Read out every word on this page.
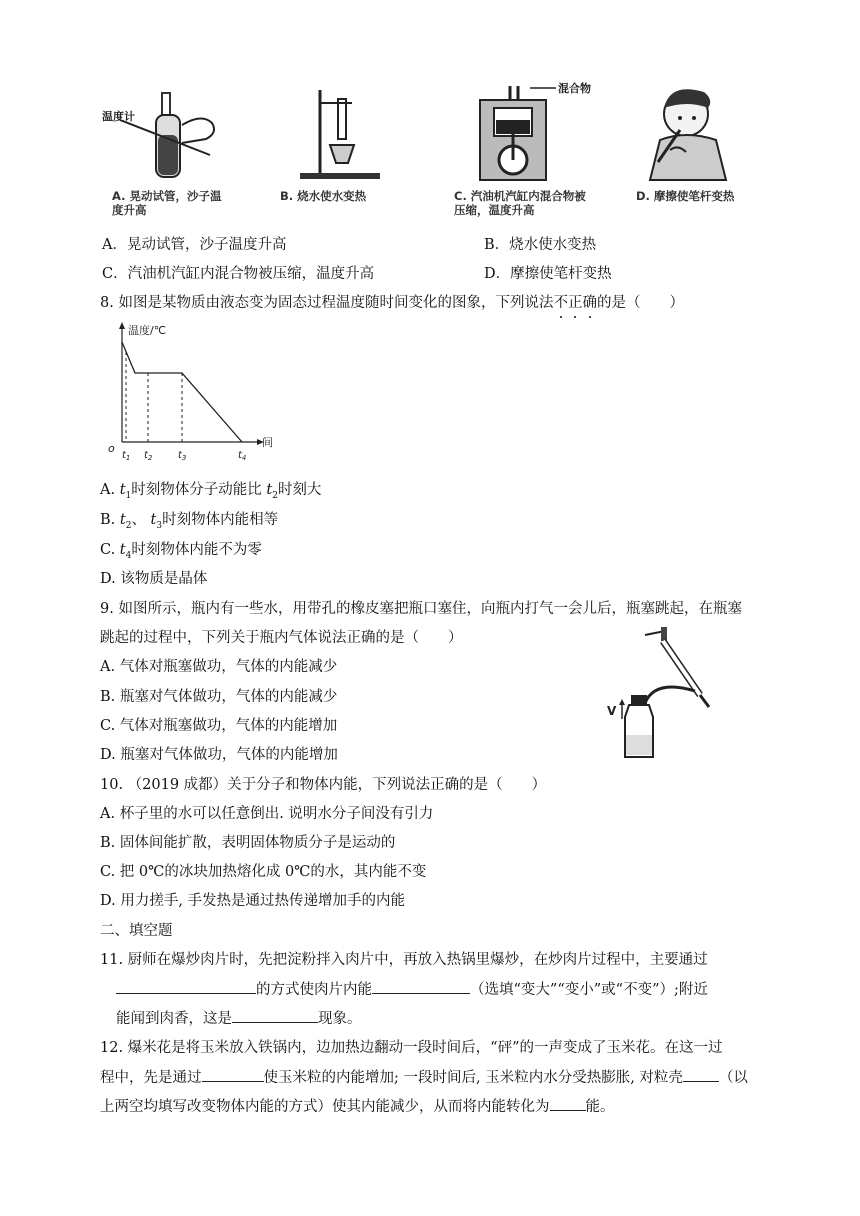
温度计
A. 晃动试管，沙子温度升高
B. 烧水使水变热
混合物
C. 汽油机汽缸内混合物被压缩，温度升高
D. 摩擦使笔杆变热
A．晃动试管，沙子温度升高	B．烧水使水变热
C．汽油机汽缸内混合物被压缩，温度升高	D．摩擦使笔杆变热
8. 如图是某物质由液态变为固态过程温度随时间变化的图象，下列说法不正确的是（　　）
温度/℃
间
o
$t_1$ $t_2$	$t_3$	$t_4$
A. $t_1$时刻物体分子动能比 $t_2$时刻大
B. $t_2$、 $t_3$时刻物体内能相等
C. $t_4$时刻物体内能不为零
D. 该物质是晶体
9. 如图所示，瓶内有一些水，用带孔的橡皮塞把瓶口塞住，向瓶内打气一会儿后，瓶塞跳起，在瓶塞
跳起的过程中，下列关于瓶内气体说法正确的是（　　）
A. 气体对瓶塞做功，气体的内能减少
B. 瓶塞对气体做功，气体的内能减少
C. 气体对瓶塞做功，气体的内能增加
D. 瓶塞对气体做功，气体的内能增加
V
10. （2019 成都）关于分子和物体内能，下列说法正确的是（　　）
A. 杯子里的水可以任意倒出. 说明水分子间没有引力
B. 固体间能扩散，表明固体物质分子是运动的
C. 把 0℃的冰块加热熔化成 0℃的水，其内能不变
D. 用力搓手, 手发热是通过热传递增加手的内能
二、填空题
11. 厨师在爆炒肉片时，先把淀粉拌入肉片中，再放入热锅里爆炒，在炒肉片过程中，主要通过
的方式使肉片内能	（选填“变大”“变小”或“不变”）;附近
能闻到肉香，这是	现象。
12. 爆米花是将玉米放入铁锅内，边加热边翻动一段时间后，“砰”的一声变成了玉米花。在这一过
程中，先是通过	使玉米粒的内能增加; 一段时间后, 玉米粒内水分受热膨胀, 对粒壳 （以
上两空均填写改变物体内能的方式）使其内能减少，从而将内能转化为 能。
